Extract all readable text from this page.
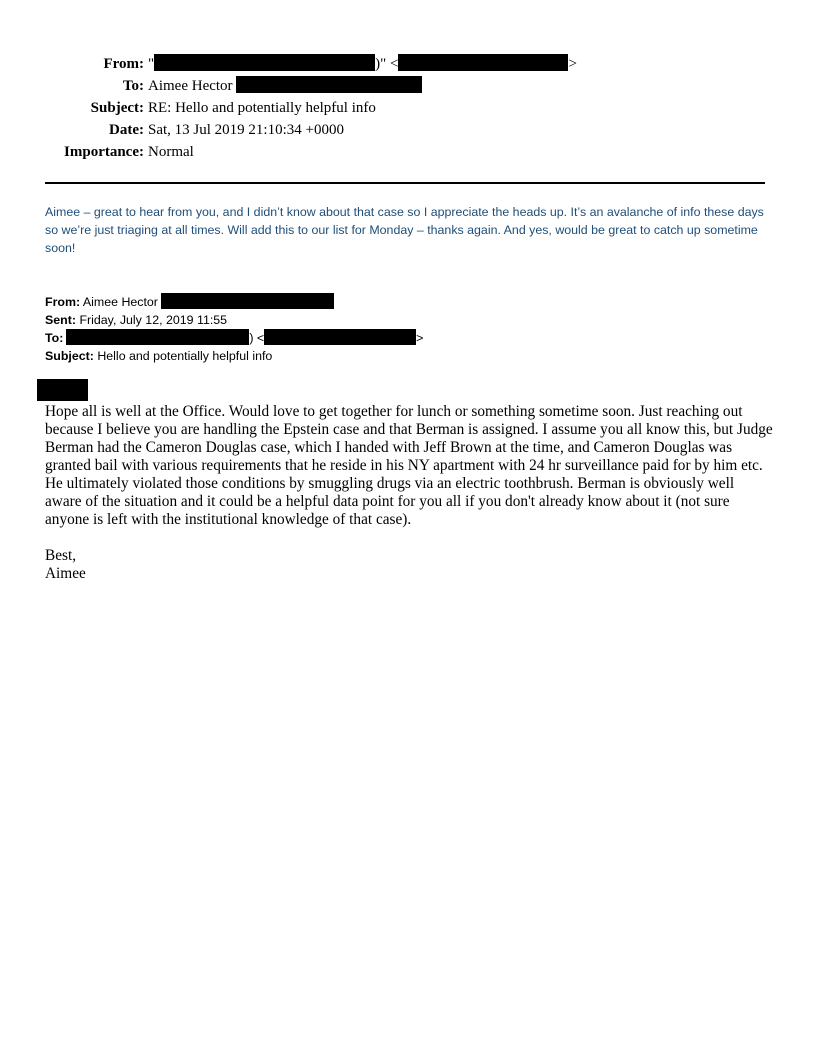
From: "	)" <	>
To: Aimee Hector
Subject: RE: Hello and potentially helpful info
Date: Sat, 13 Jul 2019 21:10:34 +0000
Importance: Normal

Aimee – great to hear from you, and I didn’t know about that case so I appreciate the heads up. It’s an avalanche of info these days so we’re just triaging at all times. Will add this to our list for Monday – thanks again. And yes, would be great to catch up sometime soon!

From: Aimee Hector
Sent: Friday, July 12, 2019 11:55
To:	) <	>
Subject: Hello and potentially helpful info

Hope all is well at the Office. Would love to get together for lunch or something sometime soon. Just reaching out because I believe you are handling the Epstein case and that Berman is assigned. I assume you all know this, but Judge Berman had the Cameron Douglas case, which I handed with Jeff Brown at the time, and Cameron Douglas was granted bail with various requirements that he reside in his NY apartment with 24 hr surveillance paid for by him etc. He ultimately violated those conditions by smuggling drugs via an electric toothbrush. Berman is obviously well aware of the situation and it could be a helpful data point for you all if you don't already know about it (not sure anyone is left with the institutional knowledge of that case).

Best,
Aimee
